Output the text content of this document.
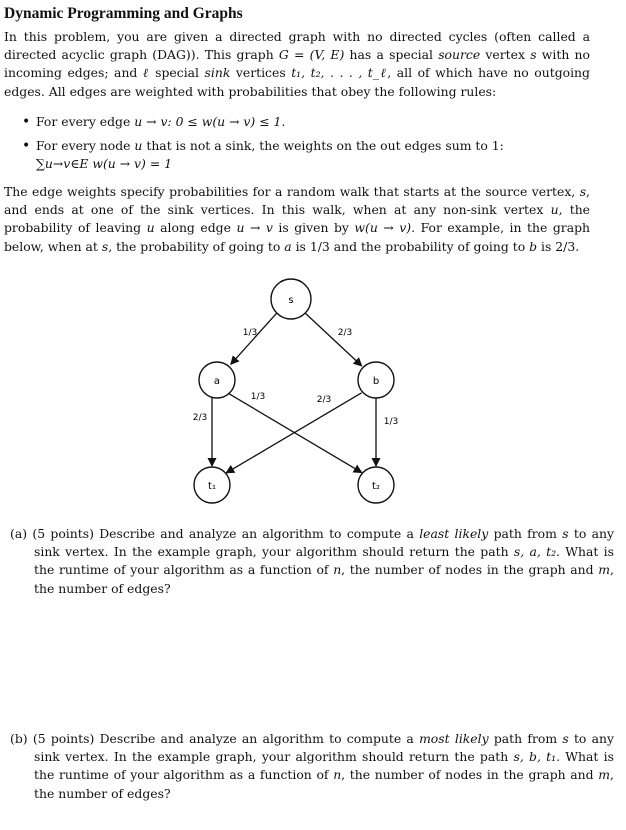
Dynamic Programming and Graphs

In this problem, you are given a directed graph with no directed cycles (often called a directed acyclic graph (DAG)). This graph G = (V, E) has a special source vertex s with no incoming edges; and ℓ special sink vertices t₁, t₂, . . . , t_ℓ, all of which have no outgoing edges. All edges are weighted with probabilities that obey the following rules:

• For every edge u → v: 0 ≤ w(u → v) ≤ 1.
• For every node u that is not a sink, the weights on the out edges sum to 1:
∑u→v∈E w(u → v) = 1

The edge weights specify probabilities for a random walk that starts at the source vertex, s, and ends at one of the sink vertices. In this walk, when at any non-sink vertex u, the probability of leaving u along edge u → v is given by w(u → v). For example, in the graph below, when at s, the probability of going to a is 1/3 and the probability of going to b is 2/3.

s
a	b
t₁	t₂
1/3	2/3
2/3
1/3	2/3
1/3

(a) (5 points) Describe and analyze an algorithm to compute a least likely path from s to any sink vertex. In the example graph, your algorithm should return the path s, a, t₂. What is the runtime of your algorithm as a function of n, the number of nodes in the graph and m, the number of edges?

(b) (5 points) Describe and analyze an algorithm to compute a most likely path from s to any sink vertex. In the example graph, your algorithm should return the path s, b, t₁. What is the runtime of your algorithm as a function of n, the number of nodes in the graph and m, the number of edges?
